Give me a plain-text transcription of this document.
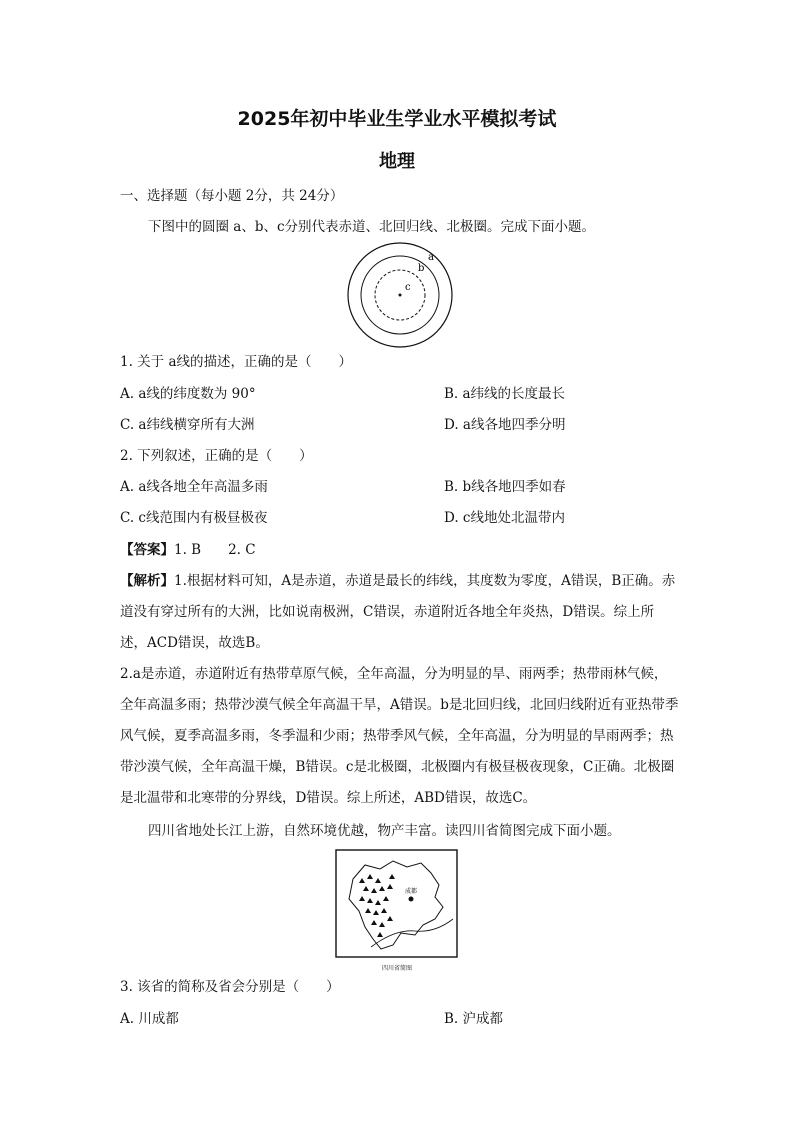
2025年初中毕业生学业水平模拟考试
地理
一、选择题（每小题 2分，共 24分）
下图中的圆圈 a、b、c分别代表赤道、北回归线、北极圈。完成下面小题。
a
b
c
1. 关于 a线的描述，正确的是（　　）
A. a线的纬度数为 90°	B. a纬线的长度最长
C. a纬线横穿所有大洲	D. a线各地四季分明
2. 下列叙述，正确的是（　　）
A. a线各地全年高温多雨	B. b线各地四季如春
C. c线范围内有极昼极夜	D. c线地处北温带内
【答案】1. B　　2. C
【解析】1.根据材料可知，A是赤道，赤道是最长的纬线，其度数为零度，A错误，B正确。赤道没有穿过所有的大洲，比如说南极洲，C错误，赤道附近各地全年炎热，D错误。综上所述，ACD错误，故选B。
2.a是赤道，赤道附近有热带草原气候，全年高温，分为明显的旱、雨两季；热带雨林气候，全年高温多雨；热带沙漠气候全年高温干旱，A错误。b是北回归线，北回归线附近有亚热带季风气候，夏季高温多雨，冬季温和少雨；热带季风气候，全年高温，分为明显的旱雨两季；热带沙漠气候，全年高温干燥，B错误。c是北极圈，北极圈内有极昼极夜现象，C正确。北极圈是北温带和北寒带的分界线，D错误。综上所述，ABD错误，故选C。
四川省地处长江上游，自然环境优越，物产丰富。读四川省简图完成下面小题。
成都
四川省简图
3. 该省的简称及省会分别是（　　）
A. 川成都	B. 沪成都
